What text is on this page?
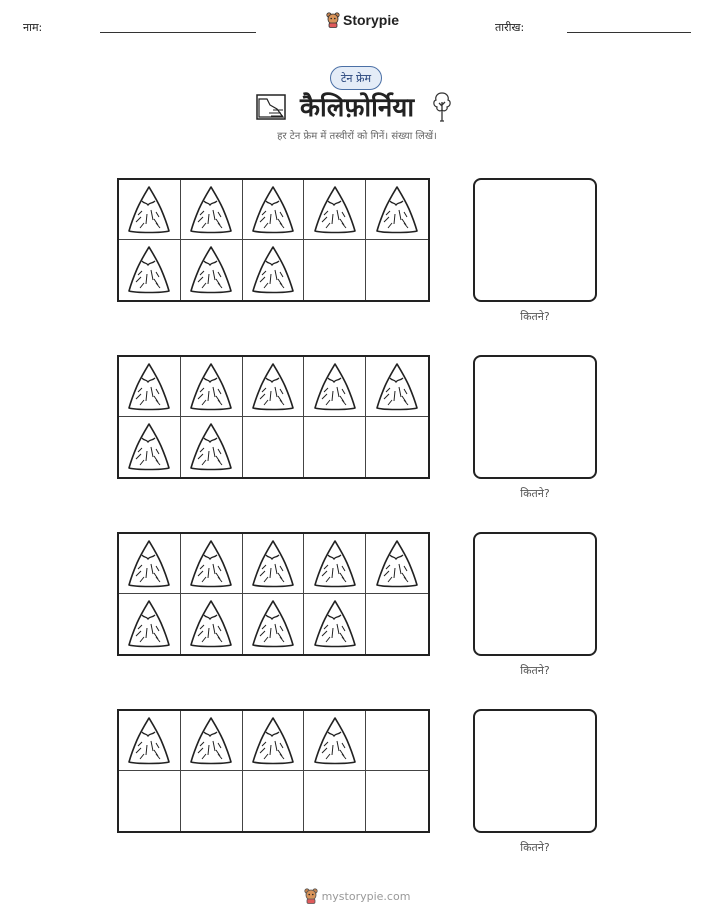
नाम:	Storypie	तारीख:
टेन फ्रेम
कैलिफ़ोर्निया
हर टेन फ्रेम में तस्वीरों को गिनें। संख्या लिखें।
कितने?
कितने?
कितने?
कितने?
mystorypie.com
